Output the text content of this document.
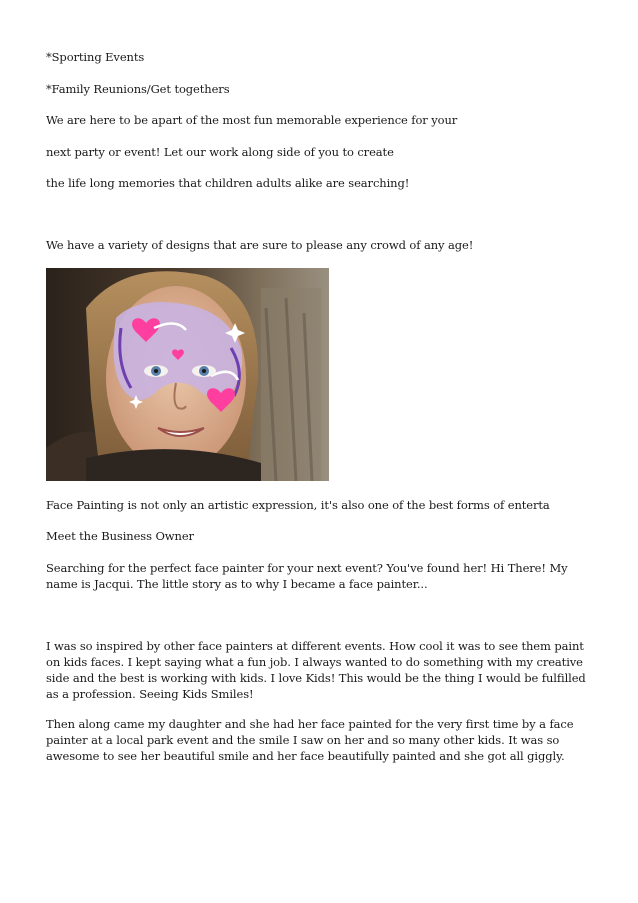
*Sporting Events
*Family Reunions/Get togethers
We are here to be apart of the most fun memorable experience for your
next party or event! Let our work along side of you to create
the life long memories that children adults alike are searching!
We have a variety of designs that are sure to please any crowd of any age!
Face Painting is not only an artistic expression, it's also one of the best forms of enterta
Meet the Business Owner
Searching for the perfect face painter for your next event? You've found her! Hi There! My name is Jacqui. The little story as to why I became a face painter...
I was so inspired by other face painters at different events. How cool it was to see them paint on kids faces. I kept saying what a fun job. I always wanted to do something with my creative side and the best is working with kids. I love Kids! This would be the thing I would be fulfilled as a profession. Seeing Kids Smiles!
Then along came my daughter and she had her face painted for the very first time by a face painter at a local park event and the smile I saw on her and so many other kids. It was so awesome to see her beautiful smile and her face beautifully painted and she got all giggly.
